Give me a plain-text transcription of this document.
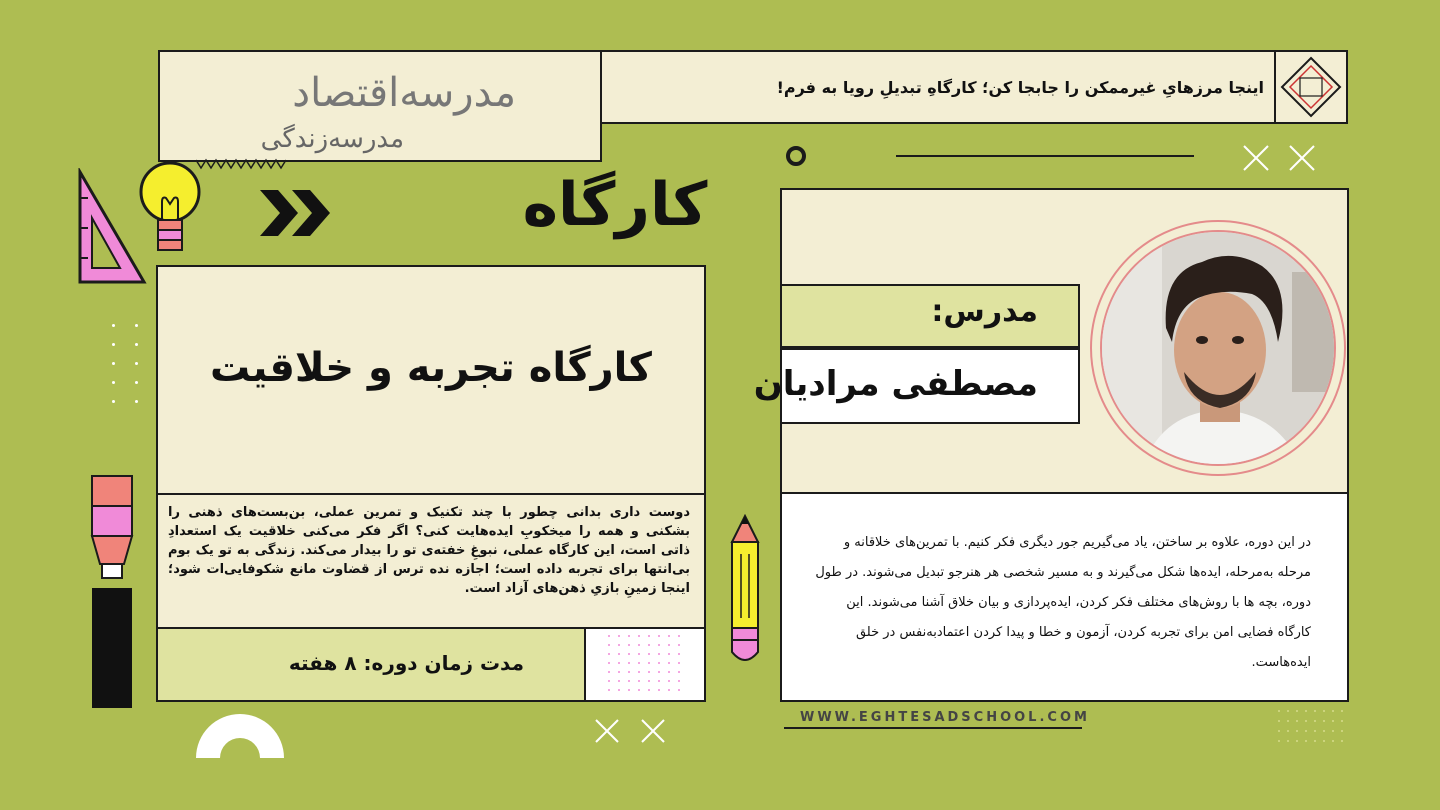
مدرسه‌اقتصاد
مدرسه‌زندگی
اینجا مرزهایِ غیرممکن را جابجا کن؛ کارگاهِ تبدیلِ رویا به فرم!
کارگاه
کارگاه تجربه و خلاقیت
دوست داری بدانی چطور با چند تکنیک و تمرین عملی، بن‌بست‌های ذهنی را بشکنی و همه را میخکوبِ ایده‌هایت کنی؟ اگر فکر می‌کنی خلاقیت یک استعدادِ ذاتی است، این کارگاه عملی، نبوغِ خفته‌ی تو را بیدار می‌کند. زندگی به تو یک بوم بی‌انتها برای تجربه داده است؛ اجازه نده ترس از قضاوت مانع شکوفایی‌ات شود؛ اینجا زمینِ بازیِ ذهن‌های آزاد است.
مدت زمان دوره: ۸ هفته
مدرس:
مصطفی مرادیان
در این دوره، علاوه بر ساختن، یاد می‌گیریم جور دیگری فکر کنیم. با تمرین‌های خلاقانه و مرحله به‌مرحله، ایده‌ها شکل می‌گیرند و به مسیر شخصی هر هنرجو تبدیل می‌شوند. در طول دوره، بچه ها با روش‌های مختلف فکر کردن، ایده‌پردازی و بیان خلاق آشنا می‌شوند. این کارگاه فضایی امن برای تجربه کردن، آزمون و خطا و پیدا کردن اعتمادبه‌نفس در خلق ایده‌هاست.
WWW.EGHTESADSCHOOL.COM
